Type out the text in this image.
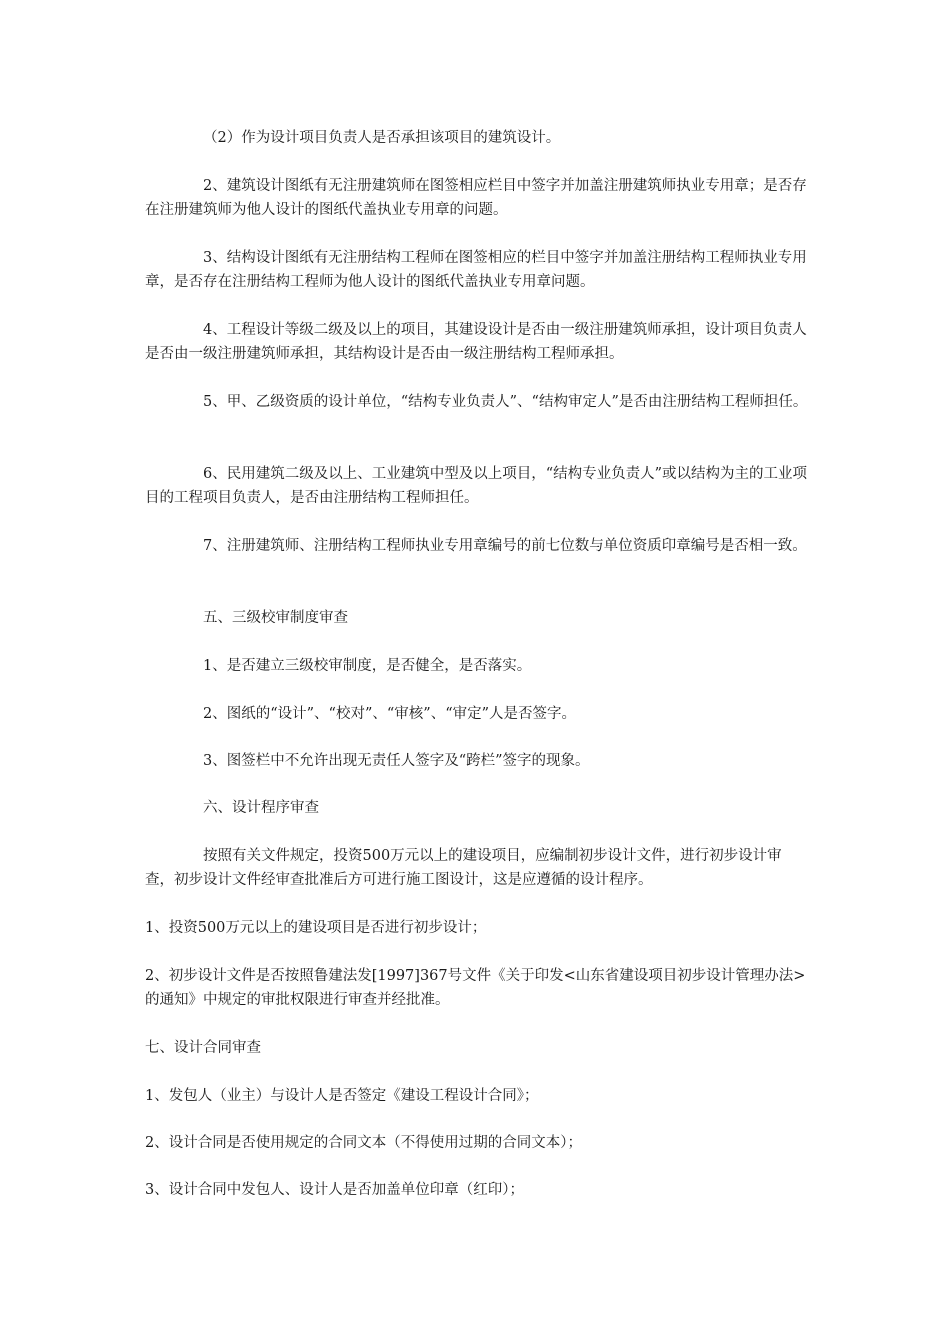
（2）作为设计项目负责人是否承担该项目的建筑设计。

2、建筑设计图纸有无注册建筑师在图签相应栏目中签字并加盖注册建筑师执业专用章；是否存在注册建筑师为他人设计的图纸代盖执业专用章的问题。

3、结构设计图纸有无注册结构工程师在图签相应的栏目中签字并加盖注册结构工程师执业专用章，是否存在注册结构工程师为他人设计的图纸代盖执业专用章问题。

4、工程设计等级二级及以上的项目，其建设设计是否由一级注册建筑师承担，设计项目负责人是否由一级注册建筑师承担，其结构设计是否由一级注册结构工程师承担。

5、甲、乙级资质的设计单位，“结构专业负责人”、“结构审定人”是否由注册结构工程师担任。

6、民用建筑二级及以上、工业建筑中型及以上项目，“结构专业负责人”或以结构为主的工业项目的工程项目负责人，是否由注册结构工程师担任。

7、注册建筑师、注册结构工程师执业专用章编号的前七位数与单位资质印章编号是否相一致。

五、三级校审制度审查

1、是否建立三级校审制度，是否健全，是否落实。

2、图纸的“设计”、“校对”、“审核”、“审定”人是否签字。

3、图签栏中不允许出现无责任人签字及“跨栏”签字的现象。

六、设计程序审查

按照有关文件规定，投资500万元以上的建设项目，应编制初步设计文件，进行初步设计审查，初步设计文件经审查批准后方可进行施工图设计，这是应遵循的设计程序。

1、投资500万元以上的建设项目是否进行初步设计；

2、初步设计文件是否按照鲁建法发[1997]367号文件《关于印发<山东省建设项目初步设计管理办法>的通知》中规定的审批权限进行审查并经批准。

七、设计合同审查

1、发包人（业主）与设计人是否签定《建设工程设计合同》；

2、设计合同是否使用规定的合同文本（不得使用过期的合同文本）；

3、设计合同中发包人、设计人是否加盖单位印章（红印）；
